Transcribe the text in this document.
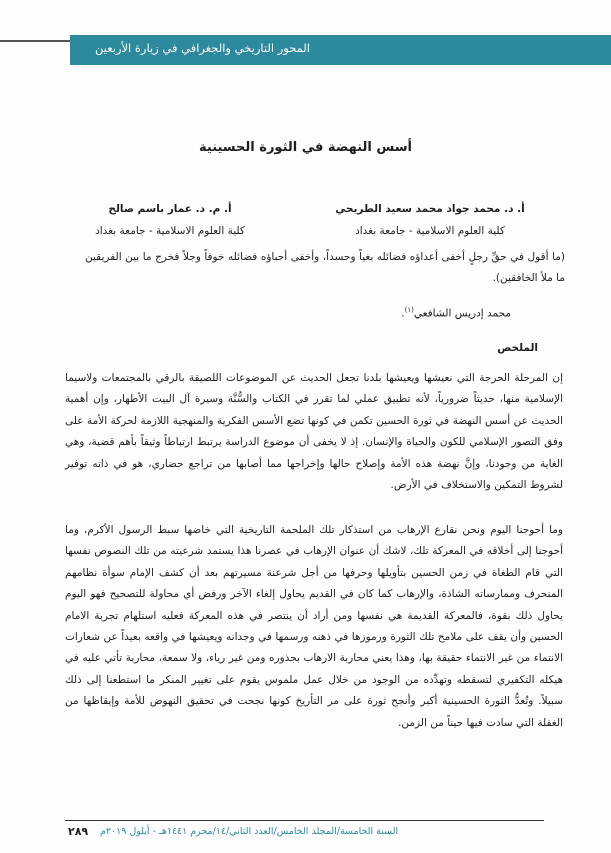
المحور التاريخي والجغرافي في زيارة الأربعين
أسس النهضة في الثورة الحسينية
أ. د. محمد جواد محمد سعيد الطريحي
كلية العلوم الاسلامية - جامعة بغداد
أ. م. د. عمار باسم صالح
كلية العلوم الاسلامية - جامعة بغداد
(ما أقول في حقِّ رجلٍ أخفى أعداؤه فضائله بغياً وحسداً، وأخفى أحباؤه فضائله خوفاً وجلاً فخرج ما بين الفريقين ما ملأ الخافقين).
محمد إدريس الشافعي$^{(١)}$.
الملخص
إن المرحلة الحرجة التي نعيشها ويعيشها بلدنا تجعل الحديث عن الموضوعات اللصيقة بالرقي بالمجتمعات ولاسيما الإسلامية منها، حديثاً ضرورياً، لأنه تطبيق عملي لما تقرر في الكتاب والسُّنَّة وسيرة آل البيت الأطهار، وإن أهمية الحديث عن أسس النهضة في ثورة الحسين تكمن في كونها تضع الأسس الفكرية والمنهجية اللازمة لحركة الأمة على وفق التصور الإسلامي للكون والحياة والإنسان. إذ لا يخفى أن موضوع الدراسة يرتبط ارتباطاً وثيقاً بأهم قضية، وهي الغاية من وجودنا، وإنَّ نهضة هذه الأمة وإصلاح حالها وإخراجها مما أصابها من تراجع حضاري، هو في ذاته توفير لشروط التمكين والاستخلاف في الأرض.
وما أحوجنا اليوم ونحن نقارع الإرهاب من استذكار تلك الملحمة التاريخية التي خاضها سبط الرسول الأكرم، وما أحوجنا إلى أخلاقه في المعركة تلك، لاشك أن عنوان الإرهاب في عصرنا هذا يستمد شرعيته من تلك النصوص نفسها التي قام الطغاة في زمن الحسين بتأويلها وحرفها من أجل شرعنة مسيرتهم بعد أن كشف الإمام سوأة نظامهم المنحرف وممارساته الشاذة، والإرهاب كما كان في القديم يحاول إلغاء الآخر ورفض أي محاولة للتصحيح فهو اليوم يحاول ذلك بقوة، فالمعركة القديمة هي نفسها ومن أراد أن ينتصر في هذه المعركة فعليه استلهام تجربة الامام الحسين وأن يقف على ملامح تلك الثورة ورموزها في ذهنه ورسمها في وجدانه ويعيشها في واقعه بعيداً عن شعارات الانتماء من غير الانتماء حقيقة بها، وهذا يعني محاربة الارهاب بجذوره ومن غير رياء، ولا سمعة، محاربة تأتي عليه في هيكله التكفيري لتسقطه وتهدِّده من الوجود من خلال عمل ملموس يقوم على تغيير المنكر ما استطعنا إلى ذلك سبيلاً. وتُعدُّ الثورة الحسينية أكبر وأنجح ثورة على مر التأريخ كونها نجحت في تحقيق النهوض للأمة وإيقاظها من الغفلة التي سادت فيها حيناً من الزمن.
السنة الخامسة/المجلد الخامس/العدد الثاني/١٤/محرم ١٤٤١هـ - أيلول ٢٠١٩م
٢٨٩
